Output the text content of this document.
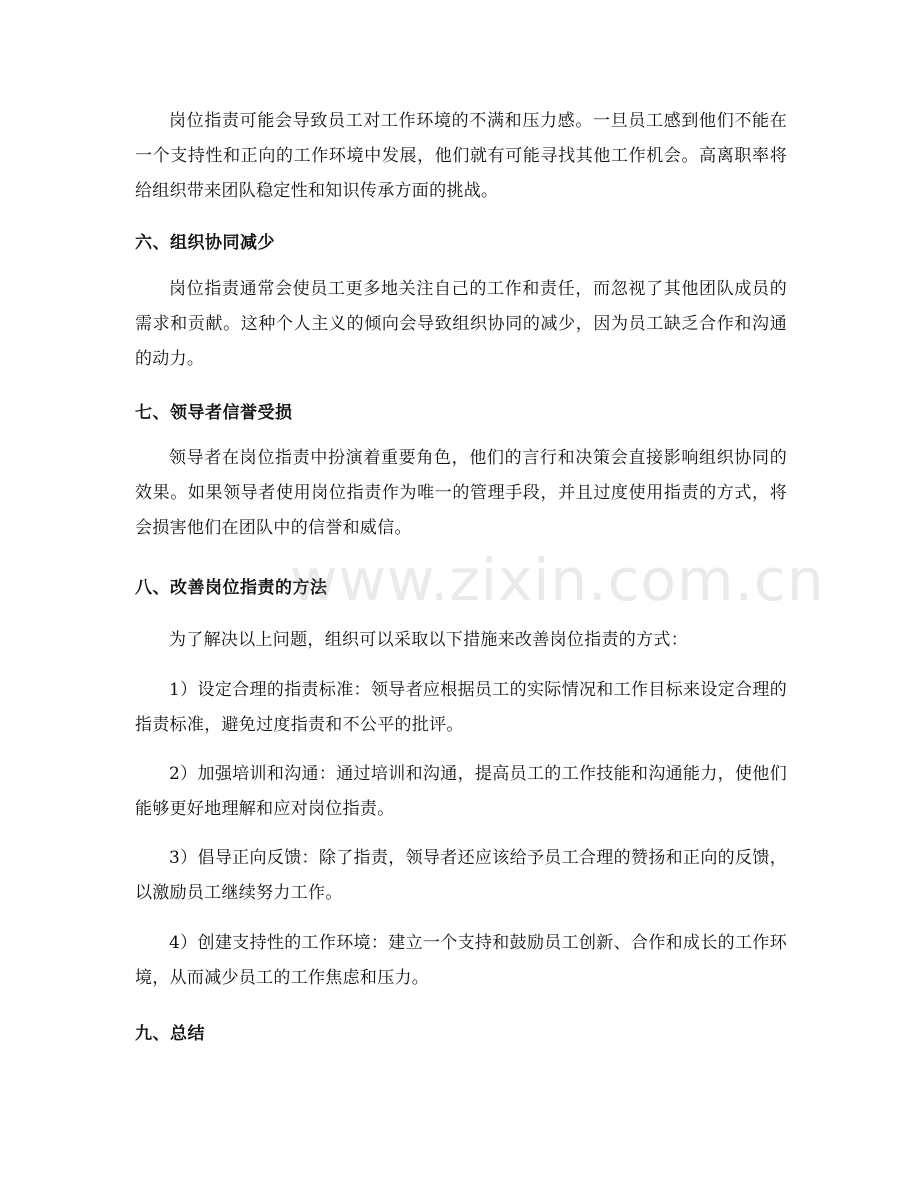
岗位指责可能会导致员工对工作环境的不满和压力感。一旦员工感到他们不能在一个支持性和正向的工作环境中发展，他们就有可能寻找其他工作机会。高离职率将给组织带来团队稳定性和知识传承方面的挑战。

六、组织协同减少

岗位指责通常会使员工更多地关注自己的工作和责任，而忽视了其他团队成员的需求和贡献。这种个人主义的倾向会导致组织协同的减少，因为员工缺乏合作和沟通的动力。

七、领导者信誉受损

领导者在岗位指责中扮演着重要角色，他们的言行和决策会直接影响组织协同的效果。如果领导者使用岗位指责作为唯一的管理手段，并且过度使用指责的方式，将会损害他们在团队中的信誉和威信。

八、改善岗位指责的方法

为了解决以上问题，组织可以采取以下措施来改善岗位指责的方式：

1）设定合理的指责标准：领导者应根据员工的实际情况和工作目标来设定合理的指责标准，避免过度指责和不公平的批评。

2）加强培训和沟通：通过培训和沟通，提高员工的工作技能和沟通能力，使他们能够更好地理解和应对岗位指责。

3）倡导正向反馈：除了指责，领导者还应该给予员工合理的赞扬和正向的反馈，以激励员工继续努力工作。

4）创建支持性的工作环境：建立一个支持和鼓励员工创新、合作和成长的工作环境，从而减少员工的工作焦虑和压力。

九、总结
www.zixin.com.cn
